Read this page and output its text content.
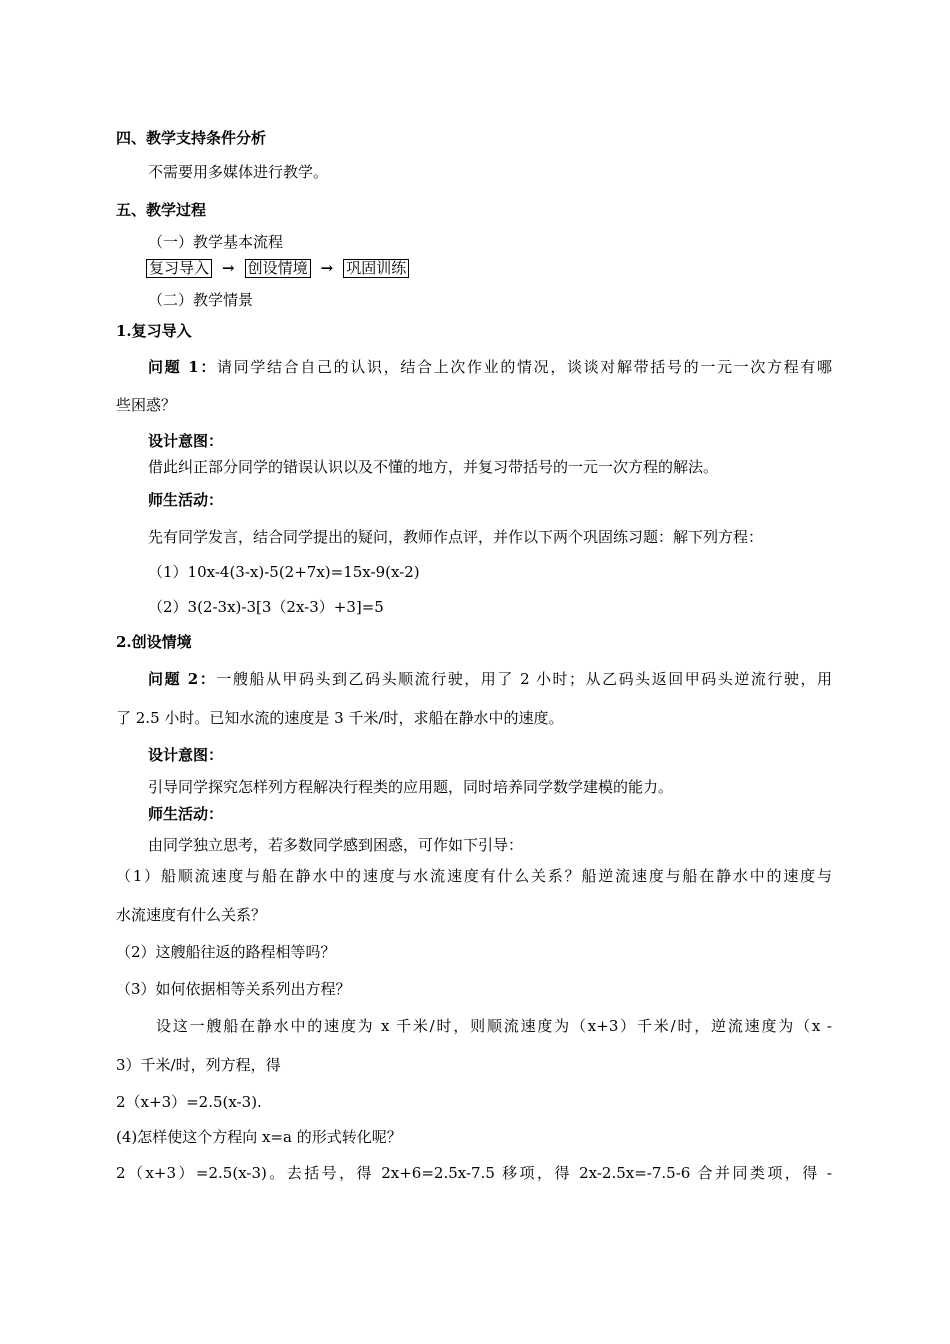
四、教学支持条件分析
不需要用多媒体进行教学。
五、教学过程
（一）教学基本流程
复习导入 → 创设情境 → 巩固训练
（二）教学情景
1.复习导入
问题 1：请同学结合自己的认识，结合上次作业的情况，谈谈对解带括号的一元一次方程有哪
些困惑？
设计意图：
借此纠正部分同学的错误认识以及不懂的地方，并复习带括号的一元一次方程的解法。
师生活动：
先有同学发言，结合同学提出的疑问，教师作点评，并作以下两个巩固练习题：解下列方程：
（1）10x-4(3-x)-5(2+7x)=15x-9(x-2)
（2）3(2-3x)-3[3（2x-3）+3]=5
2.创设情境
问题 2：一艘船从甲码头到乙码头顺流行驶，用了 2 小时；从乙码头返回甲码头逆流行驶，用
了 2.5 小时。已知水流的速度是 3 千米/时，求船在静水中的速度。
设计意图：
引导同学探究怎样列方程解决行程类的应用题，同时培养同学数学建模的能力。
师生活动：
由同学独立思考，若多数同学感到困惑，可作如下引导：
（1）船顺流速度与船在静水中的速度与水流速度有什么关系？船逆流速度与船在静水中的速度与
水流速度有什么关系？
（2）这艘船往返的路程相等吗？
（3）如何依据相等关系列出方程？
设这一艘船在静水中的速度为 x 千米/时，则顺流速度为（x+3）千米/时，逆流速度为（x -
3）千米/时，列方程，得
2（x+3）=2.5(x-3).
(4)怎样使这个方程向 x=a 的形式转化呢？
2（x+3）=2.5(x-3)。去括号，得 2x+6=2.5x-7.5 移项，得 2x-2.5x=-7.5-6 合并同类项，得 -
